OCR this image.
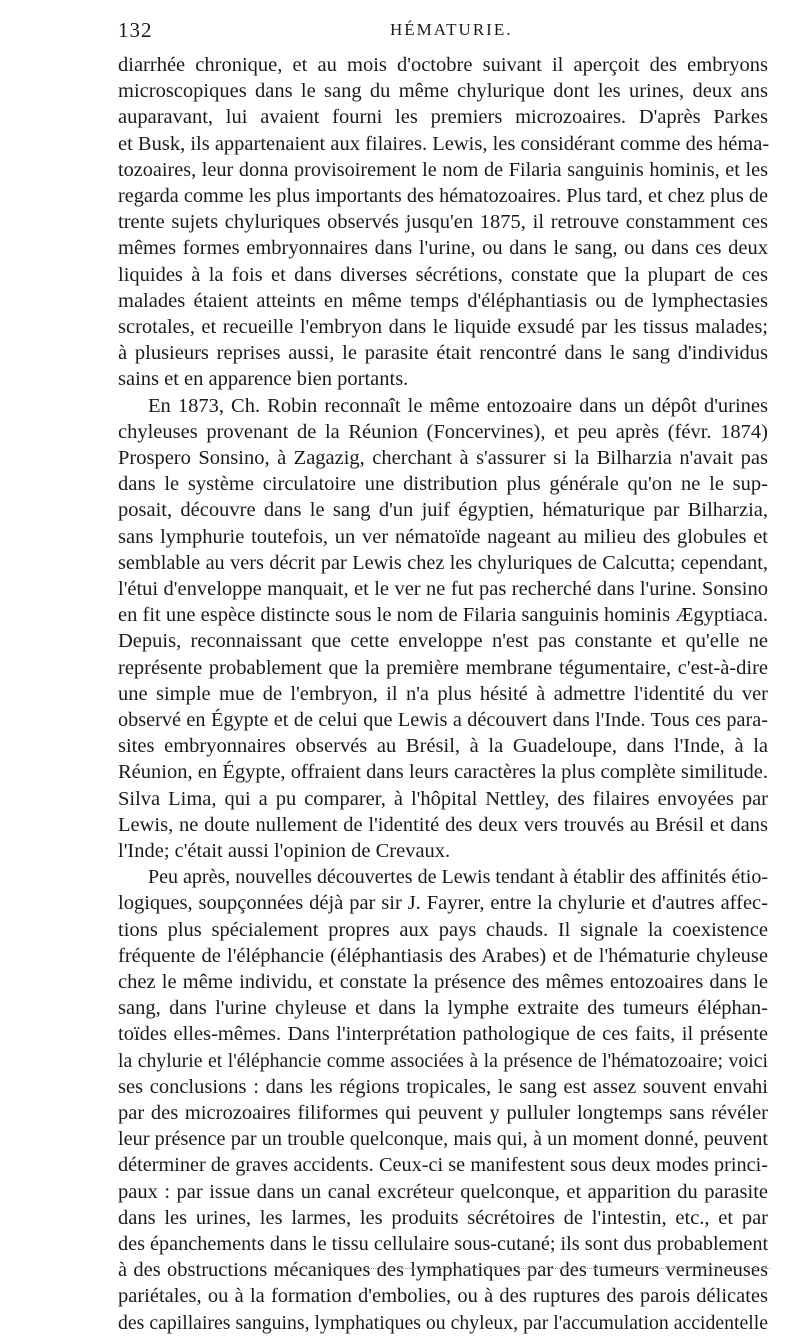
132	HÉMATURIE.
diarrhée chronique, et au mois d'octobre suivant il aperçoit des embryons
microscopiques dans le sang du même chylurique dont les urines, deux ans
auparavant, lui avaient fourni les premiers microzoaires. D'après Parkes
et Busk, ils appartenaient aux filaires. Lewis, les considérant comme des héma-
tozoaires, leur donna provisoirement le nom de Filaria sanguinis hominis, et les
regarda comme les plus importants des hématozoaires. Plus tard, et chez plus de
trente sujets chyluriques observés jusqu'en 1875, il retrouve constamment ces
mêmes formes embryonnaires dans l'urine, ou dans le sang, ou dans ces deux
liquides à la fois et dans diverses sécrétions, constate que la plupart de ces
malades étaient atteints en même temps d'éléphantiasis ou de lymphectasies
scrotales, et recueille l'embryon dans le liquide exsudé par les tissus malades;
à plusieurs reprises aussi, le parasite était rencontré dans le sang d'individus
sains et en apparence bien portants.
En 1873, Ch. Robin reconnaît le même entozoaire dans un dépôt d'urines
chyleuses provenant de la Réunion (Foncervines), et peu après (févr. 1874)
Prospero Sonsino, à Zagazig, cherchant à s'assurer si la Bilharzia n'avait pas
dans le système circulatoire une distribution plus générale qu'on ne le sup-
posait, découvre dans le sang d'un juif égyptien, hématurique par Bilharzia,
sans lymphurie toutefois, un ver nématoïde nageant au milieu des globules et
semblable au vers décrit par Lewis chez les chyluriques de Calcutta; cependant,
l'étui d'enveloppe manquait, et le ver ne fut pas recherché dans l'urine. Sonsino
en fit une espèce distincte sous le nom de Filaria sanguinis hominis Ægyptiaca.
Depuis, reconnaissant que cette enveloppe n'est pas constante et qu'elle ne
représente probablement que la première membrane tégumentaire, c'est-à-dire
une simple mue de l'embryon, il n'a plus hésité à admettre l'identité du ver
observé en Égypte et de celui que Lewis a découvert dans l'Inde. Tous ces para-
sites embryonnaires observés au Brésil, à la Guadeloupe, dans l'Inde, à la
Réunion, en Égypte, offraient dans leurs caractères la plus complète similitude.
Silva Lima, qui a pu comparer, à l'hôpital Nettley, des filaires envoyées par
Lewis, ne doute nullement de l'identité des deux vers trouvés au Brésil et dans
l'Inde; c'était aussi l'opinion de Crevaux.
Peu après, nouvelles découvertes de Lewis tendant à établir des affinités étio-
logiques, soupçonnées déjà par sir J. Fayrer, entre la chylurie et d'autres affec-
tions plus spécialement propres aux pays chauds. Il signale la coexistence
fréquente de l'éléphancie (éléphantiasis des Arabes) et de l'hématurie chyleuse
chez le même individu, et constate la présence des mêmes entozoaires dans le
sang, dans l'urine chyleuse et dans la lymphe extraite des tumeurs éléphan-
toïdes elles-mêmes. Dans l'interprétation pathologique de ces faits, il présente
la chylurie et l'éléphancie comme associées à la présence de l'hématozoaire; voici
ses conclusions : dans les régions tropicales, le sang est assez souvent envahi
par des microzoaires filiformes qui peuvent y pulluler longtemps sans révéler
leur présence par un trouble quelconque, mais qui, à un moment donné, peuvent
déterminer de graves accidents. Ceux-ci se manifestent sous deux modes princi-
paux : par issue dans un canal excréteur quelconque, et apparition du parasite
dans les urines, les larmes, les produits sécrétoires de l'intestin, etc., et par
des épanchements dans le tissu cellulaire sous-cutané; ils sont dus probablement
à des obstructions mécaniques des lymphatiques par des tumeurs vermineuses
pariétales, ou à la formation d'embolies, ou à des ruptures des parois délicates
des capillaires sanguins, lymphatiques ou chyleux, par l'accumulation accidentelle
